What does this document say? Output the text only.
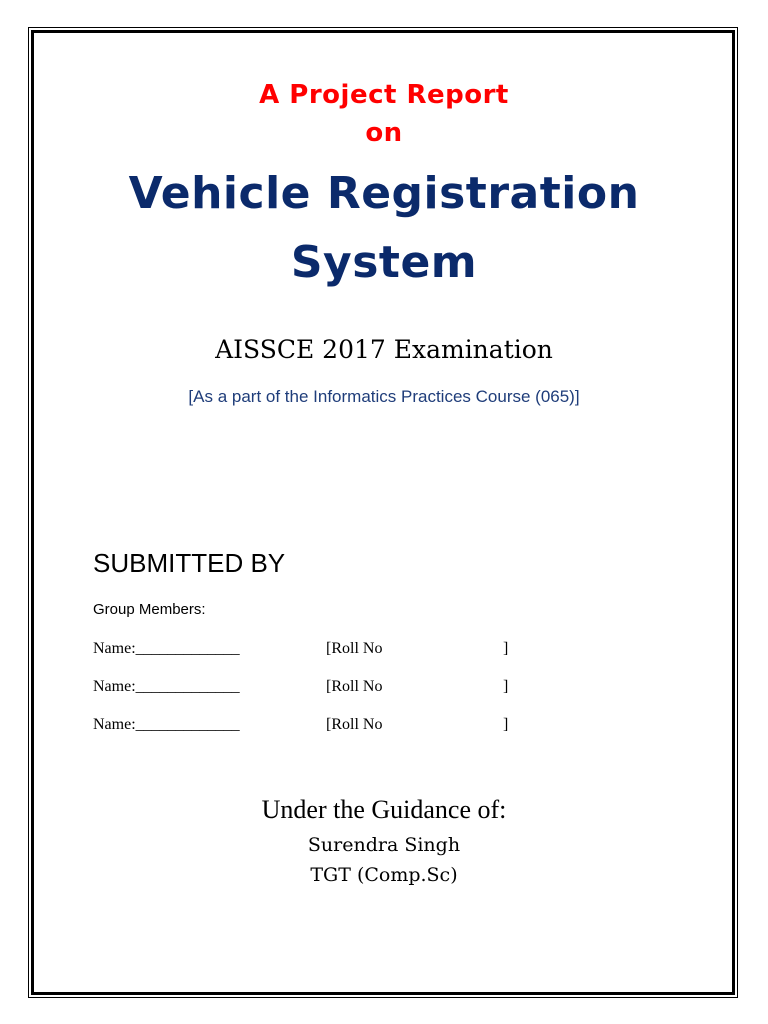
A Project Report
on
Vehicle Registration
System
AISSCE 2017 Examination
[As a part of the Informatics Practices Course (065)]
SUBMITTED BY
Group Members:
Name:_____________	[Roll No	]
Name:_____________	[Roll No	]
Name:_____________	[Roll No	]
Under the Guidance of:
Surendra Singh
TGT (Comp.Sc)
